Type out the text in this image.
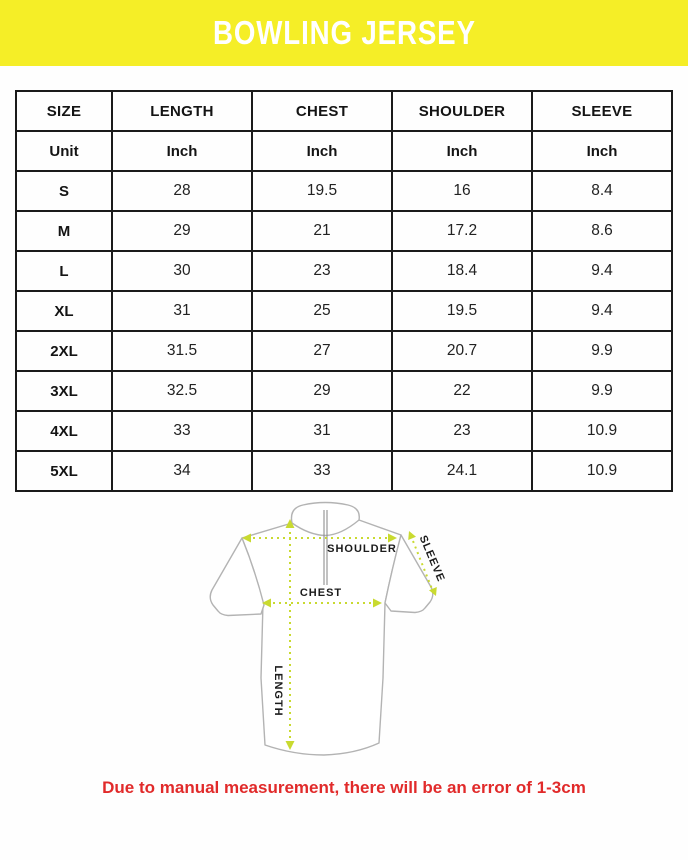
BOWLING JERSEY
SIZE	LENGTH	CHEST	SHOULDER	SLEEVE
Unit	Inch	Inch	Inch	Inch
S	28	19.5	16	8.4
M	29	21	17.2	8.6
L	30	23	18.4	9.4
XL	31	25	19.5	9.4
2XL	31.5	27	20.7	9.9
3XL	32.5	29	22	9.9
4XL	33	31	23	10.9
5XL	34	33	24.1	10.9
SHOULDER SLEEVE
CHEST
LENGTH

Due to manual measurement, there will be an error of 1-3cm
